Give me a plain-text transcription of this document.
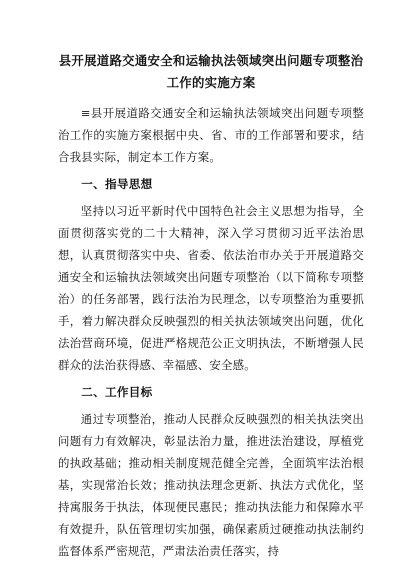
县开展道路交通安全和运输执法领域突出问题专项整治工作的实施方案

≡县开展道路交通安全和运输执法领域突出问题专项整治工作的实施方案根据中央、省、市的工作部署和要求，结合我县实际，制定本工作方案。

一、指导思想

坚持以习近平新时代中国特色社会主义思想为指导，全面贯彻落实党的二十大精神，深入学习贯彻习近平法治思想，认真贯彻落实中央、省委、依法治市办关于开展道路交通安全和运输执法领域突出问题专项整治（以下简称专项整治）的任务部署，践行法治为民理念，以专项整治为重要抓手，着力解决群众反映强烈的相关执法领域突出问题，优化法治营商环境，促进严格规范公正文明执法，不断增强人民群众的法治获得感、幸福感、安全感。

二、工作目标

通过专项整治，推动人民群众反映强烈的相关执法突出问题有力有效解决，彰显法治力量，推进法治建设，厚植党的执政基础；推动相关制度规范健全完善，全面筑牢法治根基，实现常治长效；推动执法理念更新、执法方式优化，坚持寓服务于执法，体现便民惠民；推动执法能力和保障水平有效提升，队伍管理切实加强，确保素质过硬推动执法制约监督体系严密规范，严肃法治责任落实，持
